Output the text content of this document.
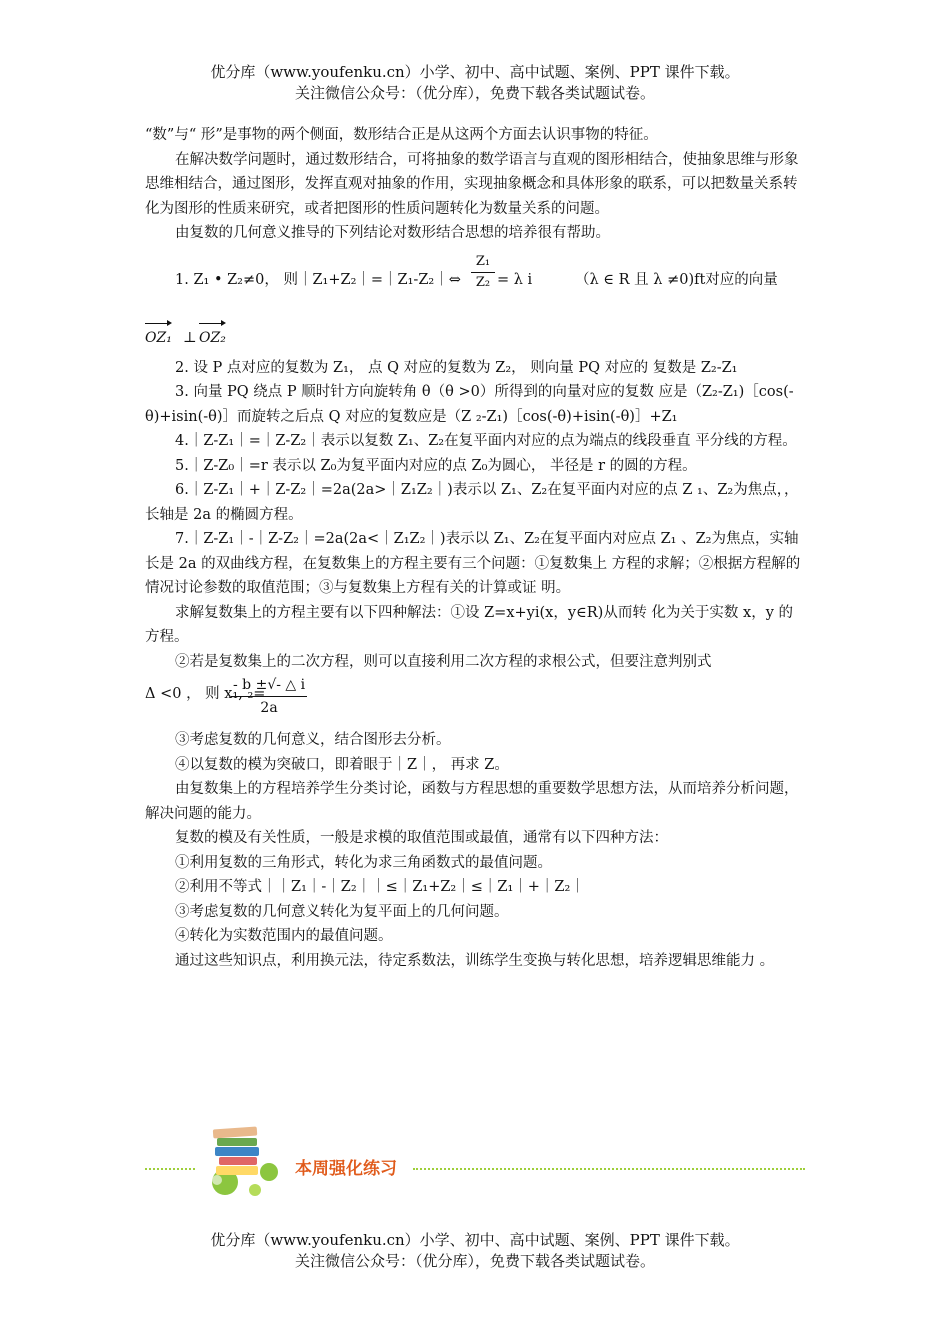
优分库（www.youfenku.cn）小学、初中、高中试题、案例、PPT 课件下载。
关注微信公众号：（优分库），免费下载各类试题试卷。

“数”与“ 形”是事物的两个侧面，数形结合正是从这两个方面去认识事物的特征。

在解决数学问题时，通过数形结合，可将抽象的数学语言与直观的图形相结合，使抽象思维与形象思维相结合，通过图形，发挥直观对抽象的作用，实现抽象概念和具体形象的联系，可以把数量关系转化为图形的性质来研究，或者把图形的性质问题转化为数量关系的问题。

由复数的几何意义推导的下列结论对数形结合思想的培养很有帮助。

1. Z₁ • Z₂≠0， 则｜Z₁+Z₂｜=｜Z₁-Z₂｜⇔ $\frac{\text{Z₁}}{\text{Z₂}} = \lambda$ i	（λ ∈ R 且 λ ≠0)ft对应的向量
OZ₁ ⊥ OZ₂

2. 设 P 点对应的复数为 Z₁， 点 Q 对应的复数为 Z₂， 则向量 PQ 对应的 复数是 Z₂-Z₁

3. 向量 PQ 绕点 P 顺时针方向旋转角 θ（θ >0）所得到的向量对应的复数 应是（Z₂-Z₁)［cos(-θ)+isin(-θ)］而旋转之后点 Q 对应的复数应是（Z ₂-Z₁)［cos(-θ)+isin(-θ)］+Z₁

4.｜Z-Z₁｜=｜Z-Z₂｜表示以复数 Z₁、Z₂在复平面内对应的点为端点的线段垂直 平分线的方程。

5.｜Z-Z₀｜=r 表示以 Z₀为复平面内对应的点 Z₀为圆心， 半径是 r 的圆的方程。

6.｜Z-Z₁｜+｜Z-Z₂｜=2a(2a>｜Z₁Z₂｜)表示以 Z₁、Z₂在复平面内对应的点 Z ₁、Z₂为焦点，，长轴是 2a 的椭圆方程。

7.｜Z-Z₁｜-｜Z-Z₂｜=2a(2a<｜Z₁Z₂｜)表示以 Z₁、Z₂在复平面内对应点 Z₁ 、Z₂为焦点，实轴长是 2a 的双曲线方程，在复数集上的方程主要有三个问题：①复数集上 方程的求解；②根据方程解的情况讨论参数的取值范围；③与复数集上方程有关的计算或证 明。

求解复数集上的方程主要有以下四种解法：①设 Z=x+yi(x，y∈R)从而转 化为关于实数 x，y 的方程。

②若是复数集上的二次方程，则可以直接利用二次方程的求根公式，但要注意判别式

Δ <0 ， 则 x₁, ₂=
$\frac{- b \pm√- \triangle i}{2a}$

③考虑复数的几何意义，结合图形去分析。

④以复数的模为突破口，即着眼于｜Z｜， 再求 Z。

由复数集上的方程培养学生分类讨论，函数与方程思想的重要数学思想方法，从而培养分析问题，解决问题的能力。

复数的模及有关性质，一般是求模的取值范围或最值，通常有以下四种方法：

①利用复数的三角形式，转化为求三角函数式的最值问题。

②利用不等式｜｜Z₁｜-｜Z₂｜｜≤｜Z₁+Z₂｜≤｜Z₁｜+｜Z₂｜

③考虑复数的几何意义转化为复平面上的几何问题。

④转化为实数范围内的最值问题。

通过这些知识点，利用换元法，待定系数法，训练学生变换与转化思想，培养逻辑思维能力 。

本周强化练习
优分库（www.youfenku.cn）小学、初中、高中试题、案例、PPT 课件下载。
关注微信公众号：（优分库），免费下载各类试题试卷。
